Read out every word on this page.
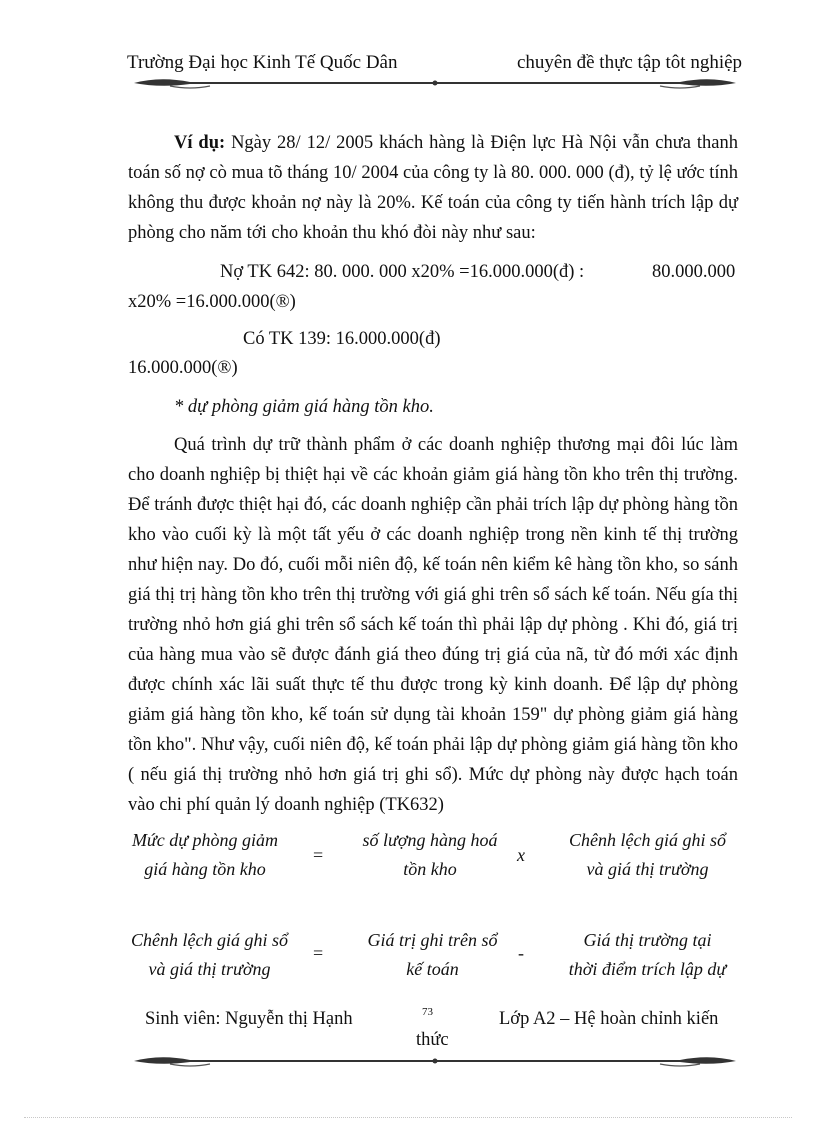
Trường Đại học Kinh Tế Quốc Dân	chuyên đề thực tập tôt nghiệp

Ví dụ: Ngày 28/ 12/ 2005 khách hàng là Điện lực Hà Nội vẫn chưa thanh toán số nợ cò mua tõ tháng 10/ 2004 của công ty là 80. 000. 000 (đ), tỷ lệ ước tính không thu được khoản nợ này là 20%. Kế toán của công ty tiến hành trích lập dự phòng cho năm tới cho khoản thu khó đòi này như sau:

Nợ TK 642: 80. 000. 000 x20% =16.000.000(đ) :	80.000.000
x20% =16.000.000(®)
Có TK 139: 16.000.000(đ)
16.000.000(®)
* dự phòng giảm giá hàng tồn kho.

Quá trình dự trữ thành phẩm ở các doanh nghiệp thương mại đôi lúc làm cho doanh nghiệp bị thiệt hại về các khoản giảm giá hàng tồn kho trên thị trường. Để tránh được thiệt hại đó, các doanh nghiệp cần phải trích lập dự phòng hàng tồn kho vào cuối kỳ là một tất yếu ở các doanh nghiệp trong nền kinh tế thị trường như hiện nay. Do đó, cuối mỗi niên độ, kế toán nên kiểm kê hàng tồn kho, so sánh giá thị trị hàng tồn kho trên thị trường với giá ghi trên sổ sách kế toán. Nếu gía thị trường nhỏ hơn giá ghi trên sổ sách kế toán thì phải lập dự phòng . Khi đó, giá trị của hàng mua vào sẽ được đánh giá theo đúng trị giá của nã, từ đó mới xác định được chính xác lãi suất thực tế thu được trong kỳ kinh doanh. Để lập dự phòng giảm giá hàng tồn kho, kế toán sử dụng tài khoản 159" dự phòng giảm giá hàng tồn kho". Như vậy, cuối niên độ, kế toán phải lập dự phòng giảm giá hàng tồn kho ( nếu giá thị trường nhỏ hơn giá trị ghi sổ). Mức dự phòng này được hạch toán vào chi phí quản lý doanh nghiệp (TK632)

Mức dự phòng giảm
giá hàng tồn kho
=
số lượng hàng hoá
tồn kho
x
Chênh lệch giá ghi sổ
và giá thị trường
Chênh lệch giá ghi sổ
và giá thị trường
=
Giá trị ghi trên sổ
kế toán
-
Giá thị trường tại
thời điểm trích lập dự
Sinh viên: Nguyễn thị Hạnh	73
thức
Lớp A2 – Hệ hoàn chỉnh kiến
